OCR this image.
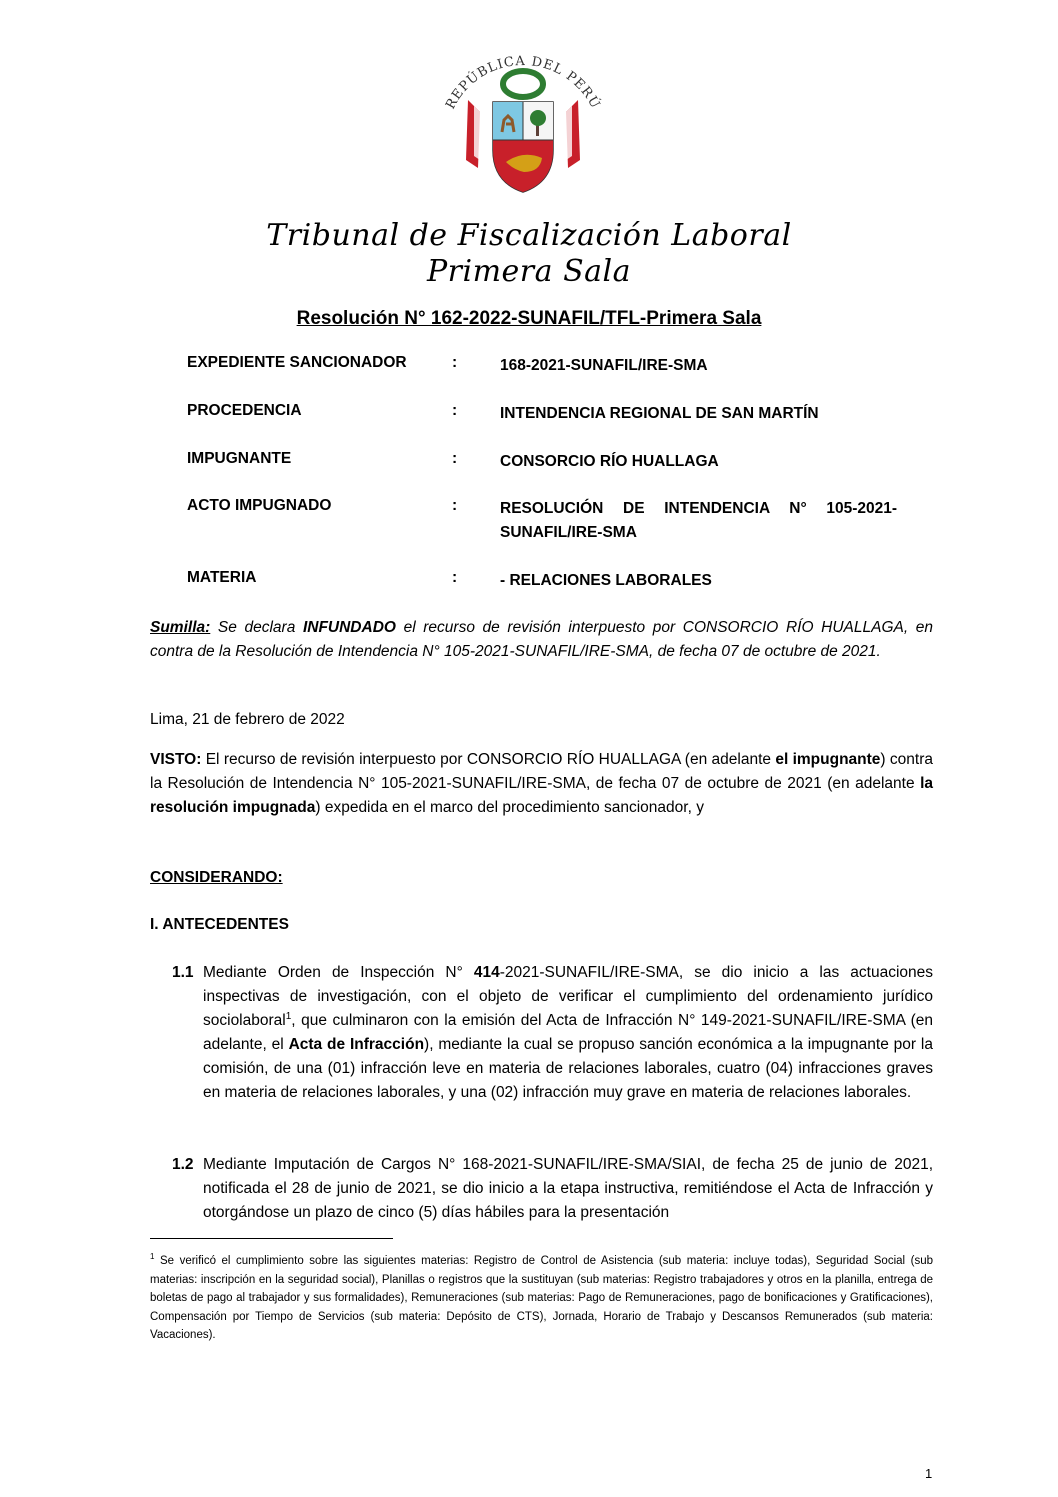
REPÚBLICA DEL PERÚ
Tribunal de Fiscalización Laboral
Primera Sala
Resolución N° 162-2022-SUNAFIL/TFL-Primera Sala
EXPEDIENTE SANCIONADOR	:	168-2021-SUNAFIL/IRE-SMA
PROCEDENCIA	:	INTENDENCIA REGIONAL DE SAN MARTÍN
IMPUGNANTE	:	CONSORCIO RÍO HUALLAGA
ACTO IMPUGNADO	:	RESOLUCIÓN DE INTENDENCIA N° 105-2021-SUNAFIL/IRE-SMA
MATERIA	:	- RELACIONES LABORALES
Sumilla: Se declara INFUNDADO el recurso de revisión interpuesto por CONSORCIO RÍO HUALLAGA, en contra de la Resolución de Intendencia N° 105-2021-SUNAFIL/IRE-SMA, de fecha 07 de octubre de 2021.
Lima, 21 de febrero de 2022
VISTO: El recurso de revisión interpuesto por CONSORCIO RÍO HUALLAGA (en adelante el impugnante) contra la Resolución de Intendencia N° 105-2021-SUNAFIL/IRE-SMA, de fecha 07 de octubre de 2021 (en adelante la resolución impugnada) expedida en el marco del procedimiento sancionador, y
CONSIDERANDO:
I. ANTECEDENTES
1.1 Mediante Orden de Inspección N° 414-2021-SUNAFIL/IRE-SMA, se dio inicio a las actuaciones inspectivas de investigación, con el objeto de verificar el cumplimiento del ordenamiento jurídico sociolaboral$^1$, que culminaron con la emisión del Acta de Infracción N° 149-2021-SUNAFIL/IRE-SMA (en adelante, el Acta de Infracción), mediante la cual se propuso sanción económica a la impugnante por la comisión, de una (01) infracción leve en materia de relaciones laborales, cuatro (04) infracciones graves en materia de relaciones laborales, y una (02) infracción muy grave en materia de relaciones laborales.
1.2 Mediante Imputación de Cargos N° 168-2021-SUNAFIL/IRE-SMA/SIAI, de fecha 25 de junio de 2021, notificada el 28 de junio de 2021, se dio inicio a la etapa instructiva, remitiéndose el Acta de Infracción y otorgándose un plazo de cinco (5) días hábiles para la presentación
$^1$ Se verificó el cumplimiento sobre las siguientes materias: Registro de Control de Asistencia (sub materia: incluye todas), Seguridad Social (sub materias: inscripción en la seguridad social), Planillas o registros que la sustituyan (sub materias: Registro trabajadores y otros en la planilla, entrega de boletas de pago al trabajador y sus formalidades), Remuneraciones (sub materias: Pago de Remuneraciones, pago de bonificaciones y Gratificaciones), Compensación por Tiempo de Servicios (sub materia: Depósito de CTS), Jornada, Horario de Trabajo y Descansos Remunerados (sub materia: Vacaciones).
1
